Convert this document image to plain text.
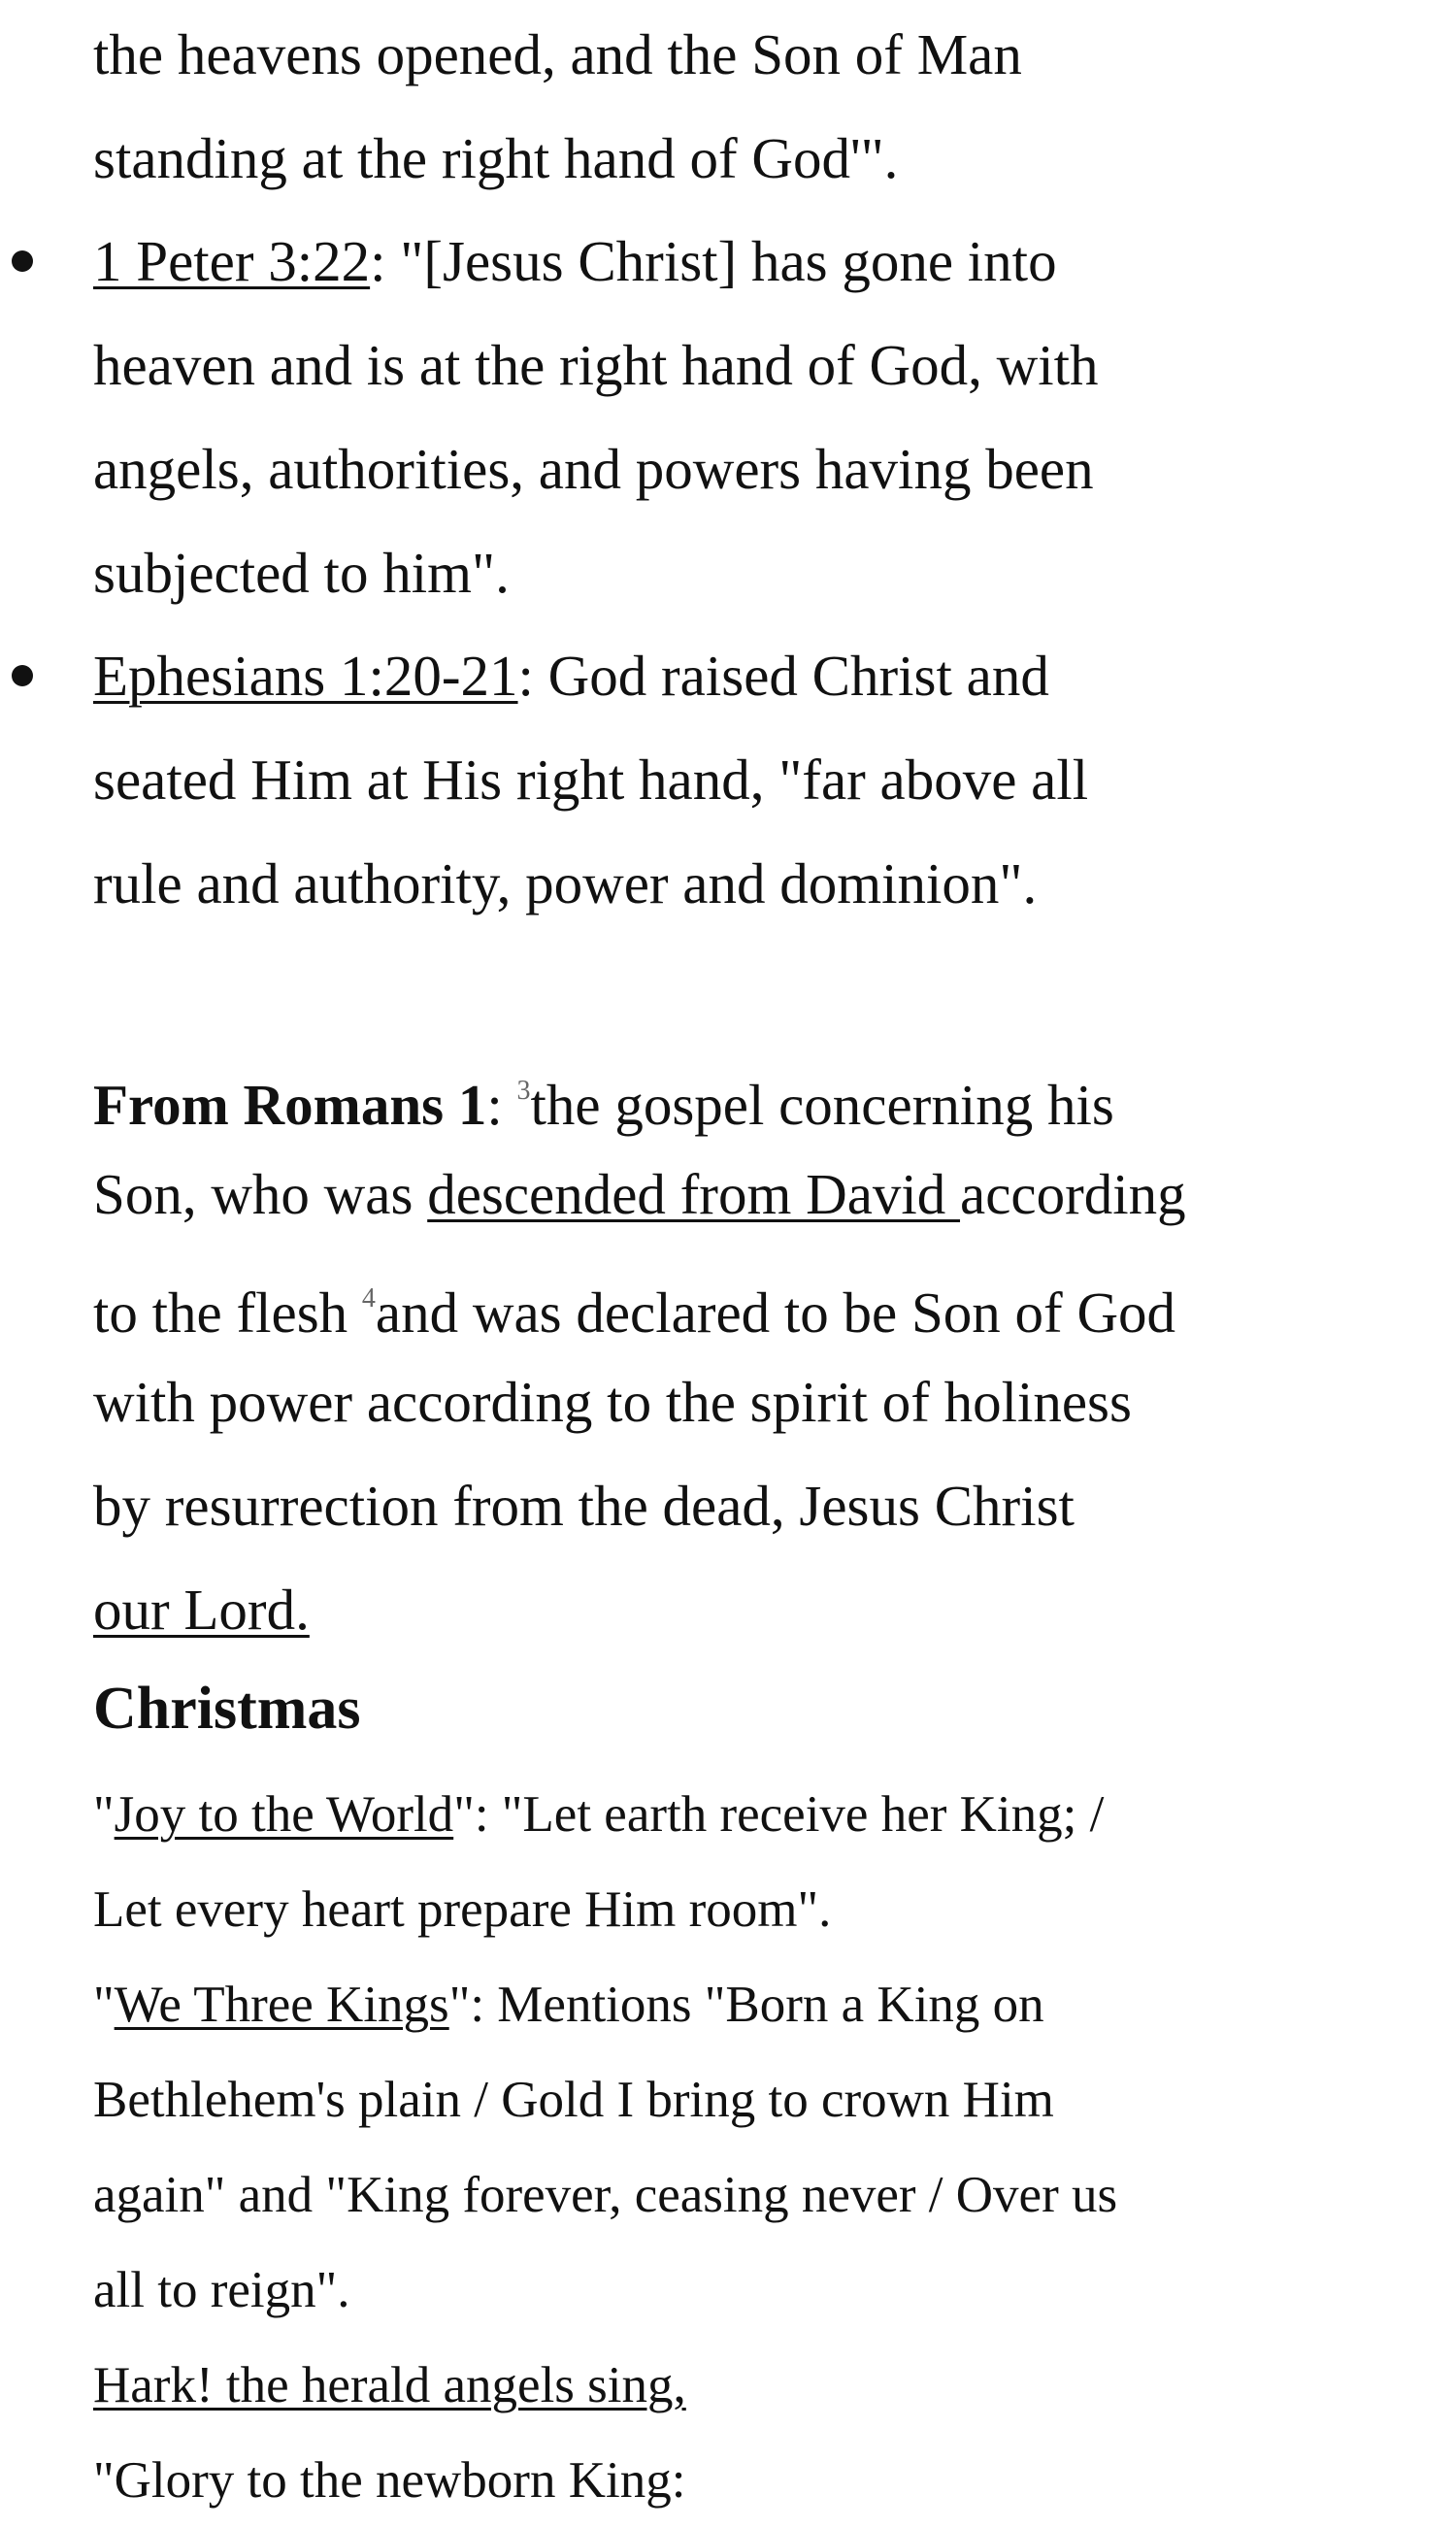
the heavens opened, and the Son of Man
standing at the right hand of God'".
1 Peter 3:22: "[Jesus Christ] has gone into
heaven and is at the right hand of God, with
angels, authorities, and powers having been
subjected to him".
Ephesians 1:20-21: God raised Christ and
seated Him at His right hand, "far above all
rule and authority, power and dominion".
From Romans 1: $^3$the gospel concerning his
Son, who was descended from David according
to the flesh $^4$and was declared to be Son of God
with power according to the spirit of holiness
by resurrection from the dead, Jesus Christ
our Lord.
Christmas
"Joy to the World": "Let earth receive her King; /
Let every heart prepare Him room".
"We Three Kings": Mentions "Born a King on
Bethlehem's plain / Gold I bring to crown Him
again" and "King forever, ceasing never / Over us
all to reign".
Hark! the herald angels sing,
"Glory to the newborn King:
